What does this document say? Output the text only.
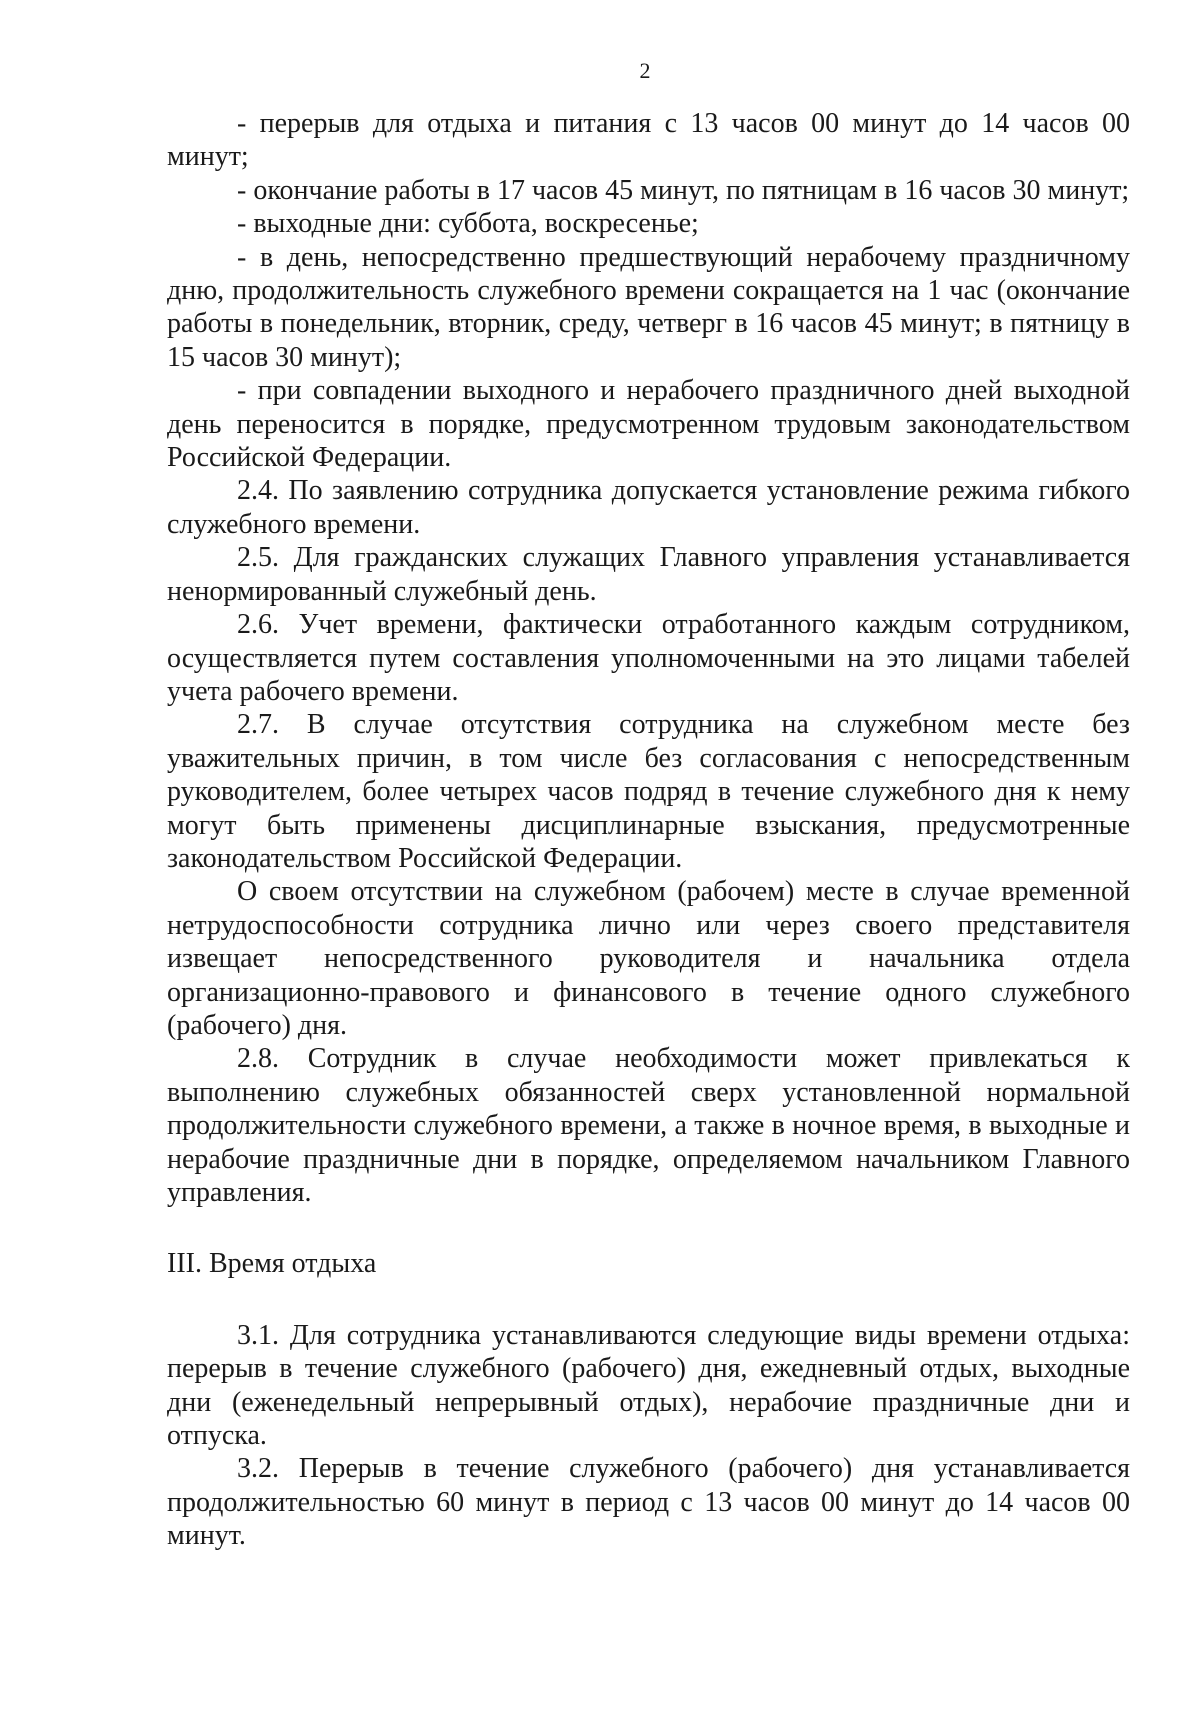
2

- перерыв для отдыха и питания с 13 часов 00 минут до 14 часов 00 минут;

- окончание работы в 17 часов 45 минут, по пятницам в 16 часов 30 минут;

- выходные дни: суббота, воскресенье;

- в день, непосредственно предшествующий нерабочему праздничному дню, продолжительность служебного времени сокращается на 1 час (окончание работы в понедельник, вторник, среду, четверг в 16 часов 45 минут; в пятницу в 15 часов 30 минут);

- при совпадении выходного и нерабочего праздничного дней выходной день переносится в порядке, предусмотренном трудовым законодательством Российской Федерации.

2.4. По заявлению сотрудника допускается установление режима гибкого служебного времени.

2.5. Для гражданских служащих Главного управления устанавливается ненормированный служебный день.

2.6. Учет времени, фактически отработанного каждым сотрудником, осуществляется путем составления уполномоченными на это лицами табелей учета рабочего времени.

2.7. В случае отсутствия сотрудника на служебном месте без уважительных причин, в том числе без согласования с непосредственным руководителем, более четырех часов подряд в течение служебного дня к нему могут быть применены дисциплинарные взыскания, предусмотренные законодательством Российской Федерации.

О своем отсутствии на служебном (рабочем) месте в случае временной нетрудоспособности сотрудника лично или через своего представителя извещает непосредственного руководителя и начальника отдела организационно-правового и финансового в течение одного служебного (рабочего) дня.

2.8. Сотрудник в случае необходимости может привлекаться к выполнению служебных обязанностей сверх установленной нормальной продолжительности служебного времени, а также в ночное время, в выходные и нерабочие праздничные дни в порядке, определяемом начальником Главного управления.

III. Время отдыха

3.1. Для сотрудника устанавливаются следующие виды времени отдыха: перерыв в течение служебного (рабочего) дня, ежедневный отдых, выходные дни (еженедельный непрерывный отдых), нерабочие праздничные дни и отпуска.

3.2. Перерыв в течение служебного (рабочего) дня устанавливается продолжительностью 60 минут в период с 13 часов 00 минут до 14 часов 00 минут.
